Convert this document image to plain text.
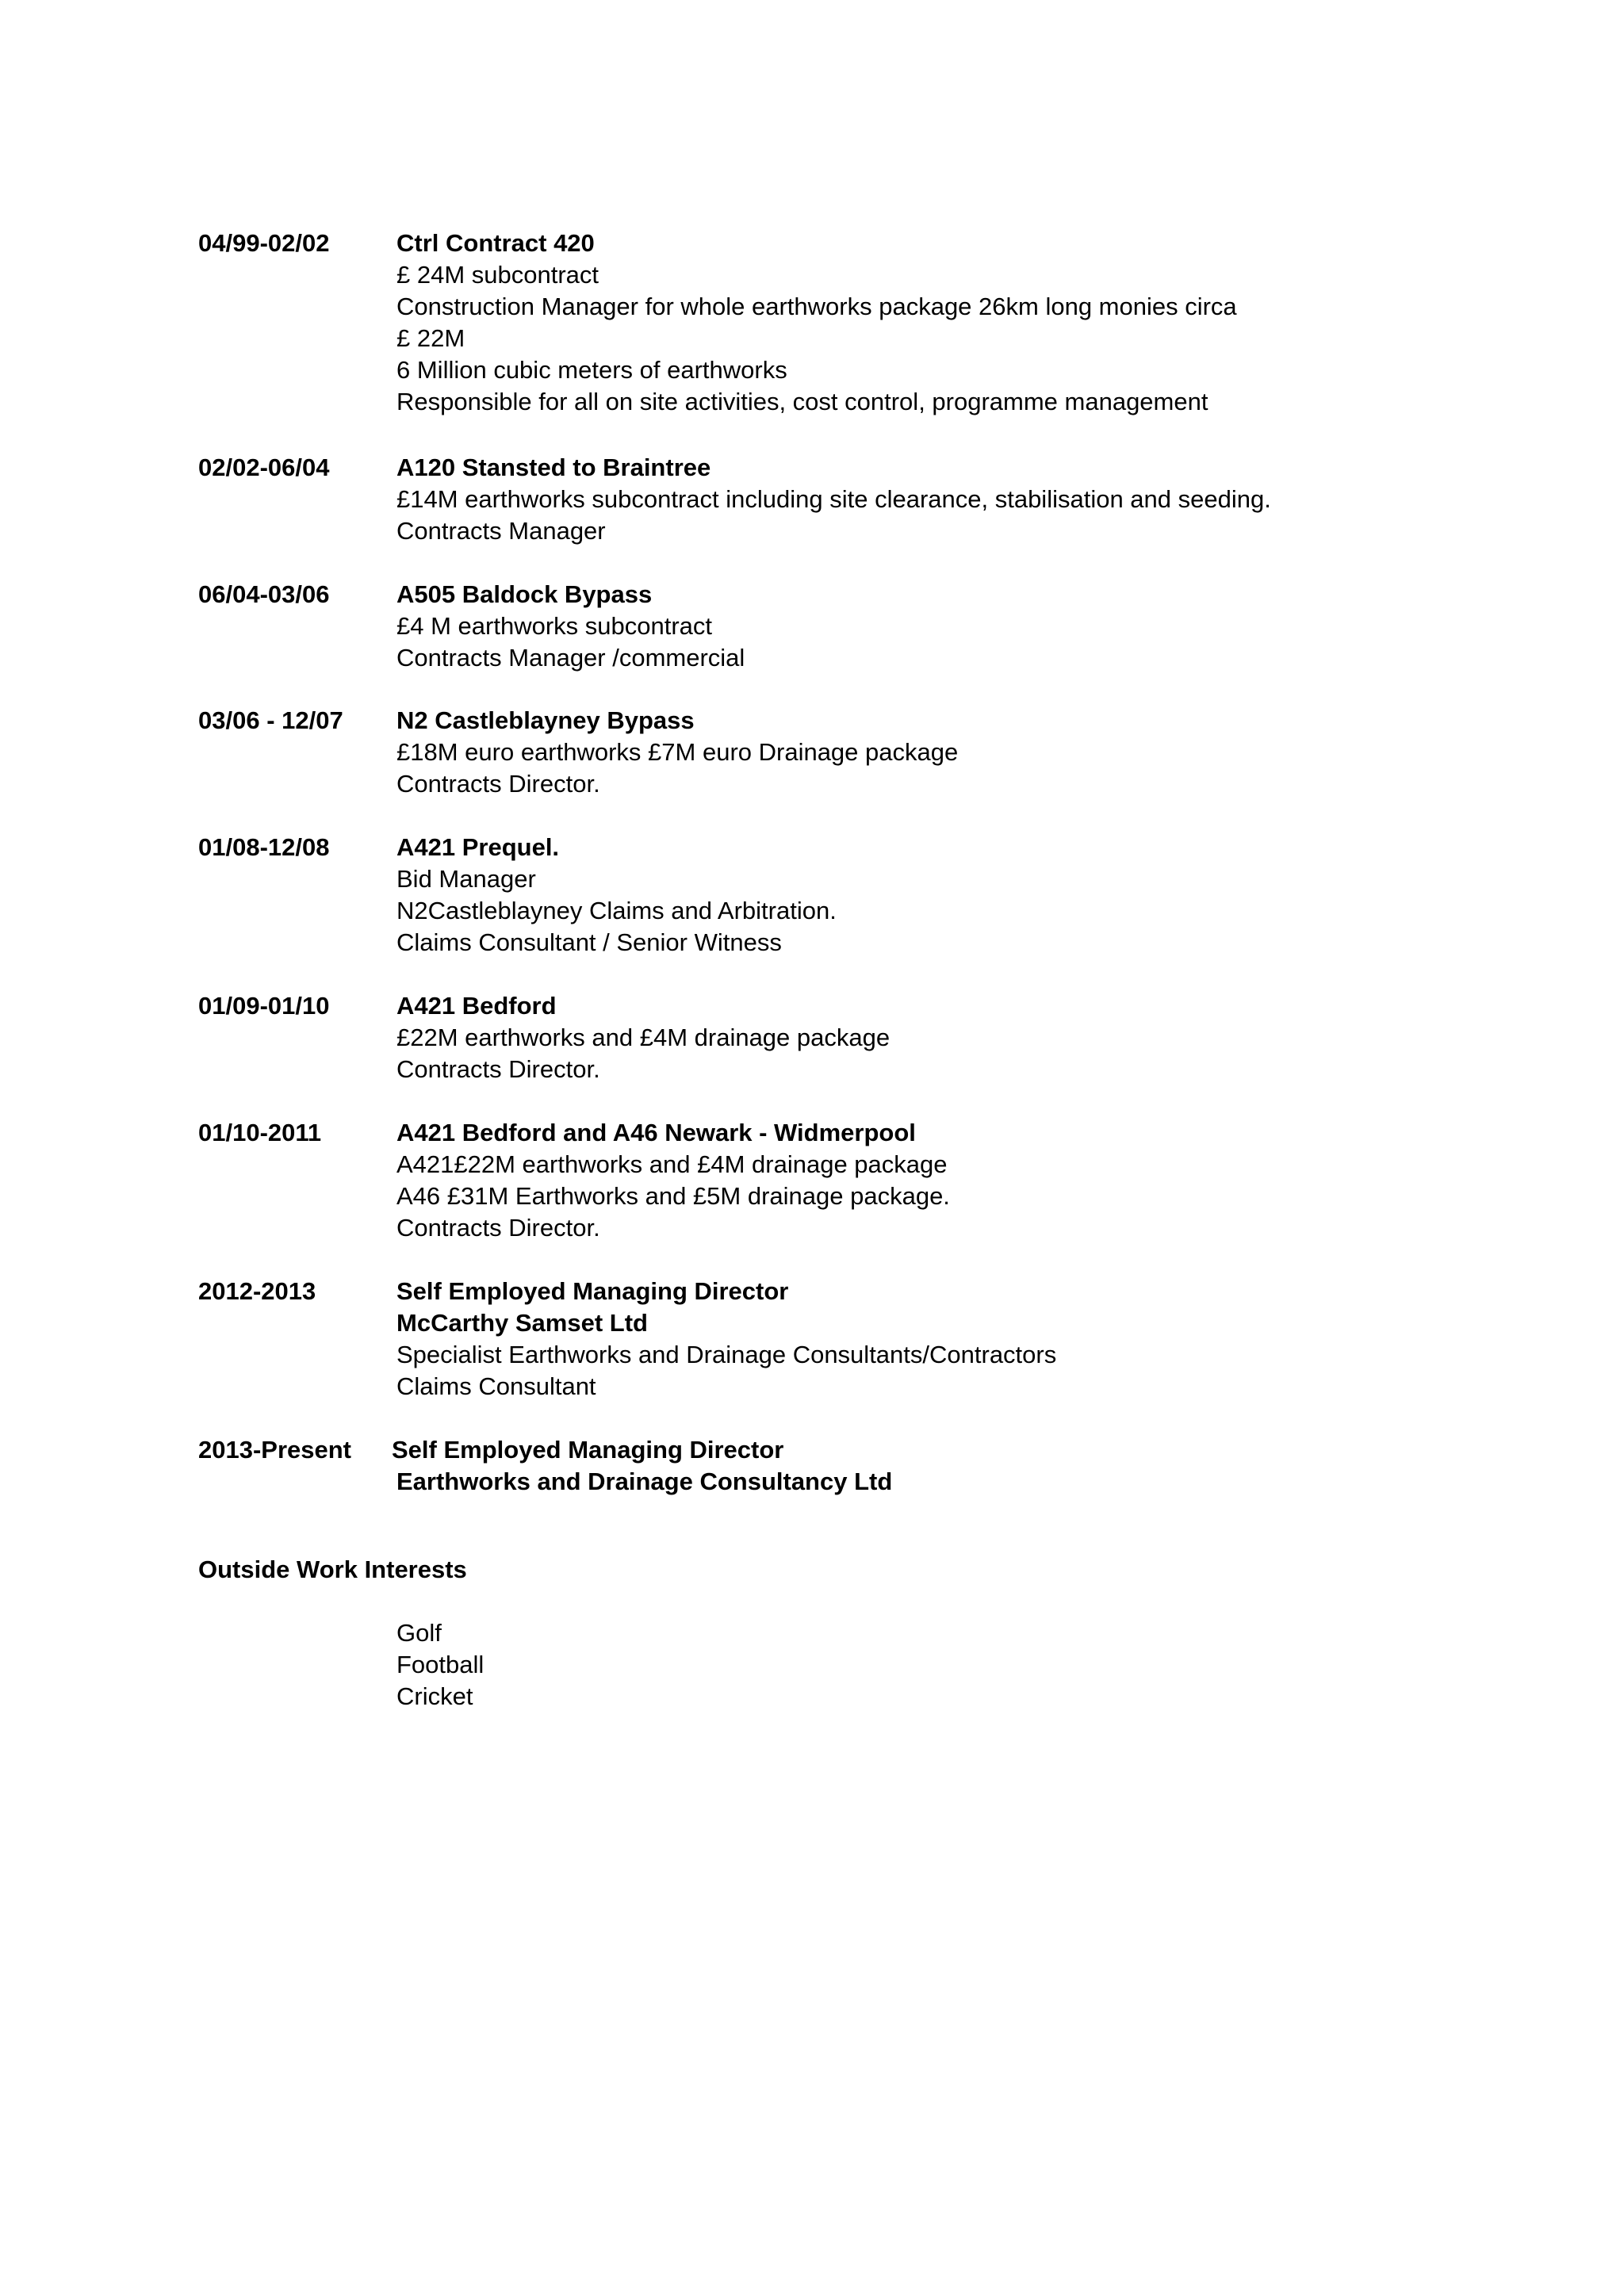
04/99-02/02	Ctrl Contract 420
£ 24M subcontract
Construction Manager for whole earthworks package 26km long monies circa
£ 22M
6 Million cubic meters of earthworks
Responsible for all on site activities, cost control, programme management
02/02-06/04	A120 Stansted to Braintree
£14M earthworks subcontract including site clearance, stabilisation and seeding.
Contracts Manager
06/04-03/06	A505 Baldock Bypass
£4 M earthworks subcontract
Contracts Manager /commercial
03/06 - 12/07 N2 Castleblayney Bypass
£18M euro earthworks £7M euro Drainage package
Contracts Director.
01/08-12/08	A421 Prequel.
Bid Manager
N2Castleblayney Claims and Arbitration.
Claims Consultant / Senior Witness
01/09-01/10	A421 Bedford
£22M earthworks and £4M drainage package
Contracts Director.
01/10-2011	A421 Bedford and A46 Newark - Widmerpool
A421£22M earthworks and £4M drainage package
A46 £31M Earthworks and £5M drainage package.
Contracts Director.
2012-2013	Self Employed Managing Director
McCarthy Samset Ltd
Specialist Earthworks and Drainage Consultants/Contractors
Claims Consultant
2013-Present Self Employed Managing Director
Earthworks and Drainage Consultancy Ltd
Outside Work Interests
Golf
Football
Cricket
